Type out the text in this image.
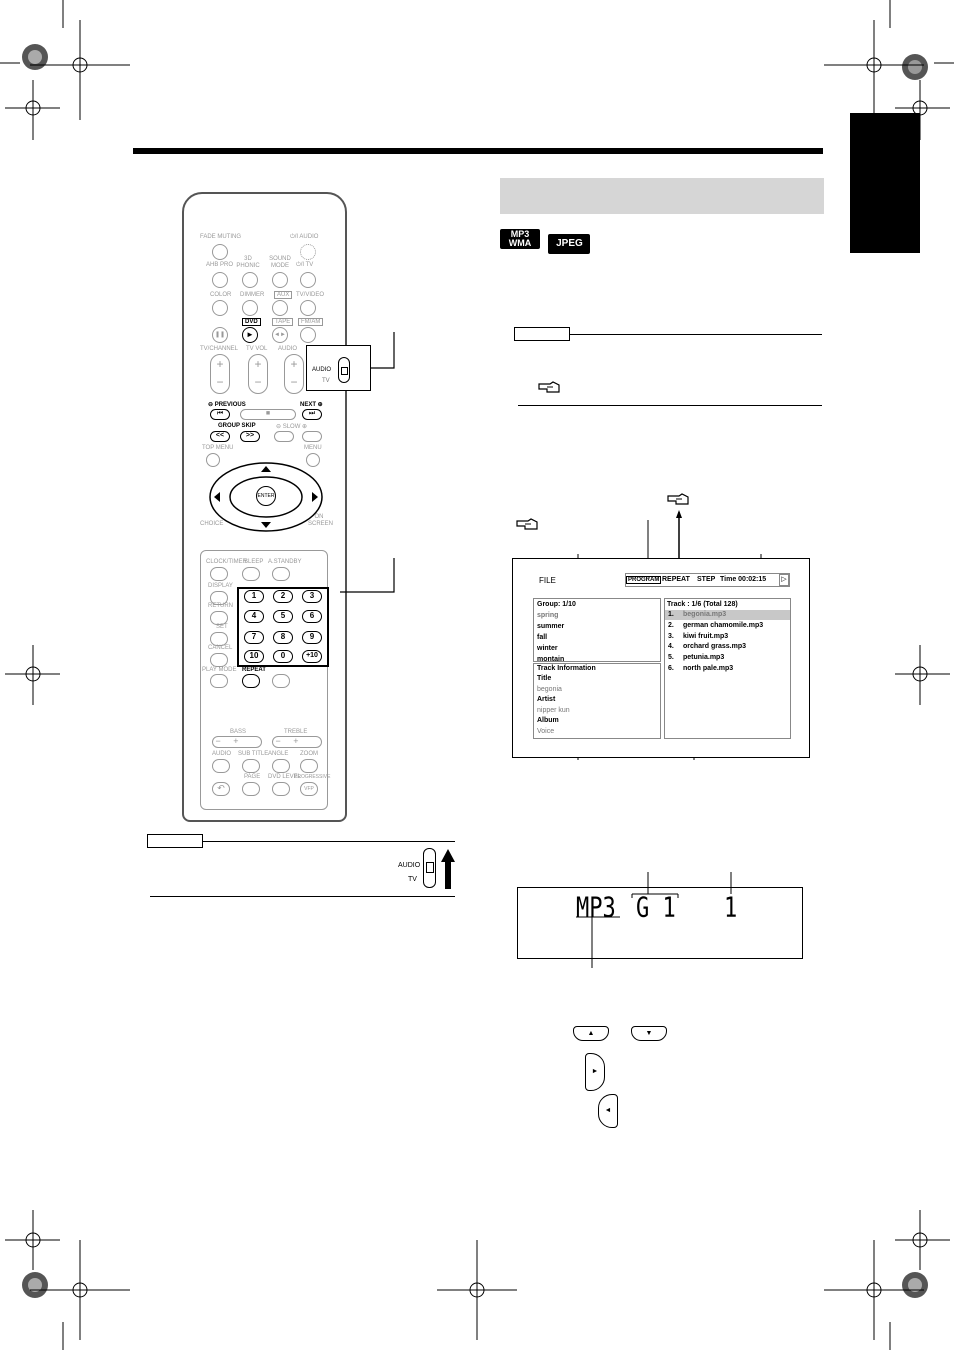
MP3
WMA JPEG
FADE MUTING	⏻/I AUDIO
AHB PRO
3D PHONIC
SOUND MODE	⏻/I TV
COLOR DIMMER	AUX	TV/VIDEO
DVD	TAPE	FM/AM
❚❚	►	◄►
TV/CHANNEL TV VOL AUDIO
+
−
+
−
+
−
⊖ PREVIOUS	NEXT ⊕
⏮	■	⏭
GROUP SKIP	⊖ SLOW ⊕
<<	>>
TOP MENU	MENU
ENTER
CHOICE
ON SCREEN
CLOCK/TIMER
SLEEP A.STANDBY
DISPLAY
RETURN
SET
CANCEL
PLAY MODE REPEAT
1	2	3
4	5	6
7	8	9
10	0	+10
BASS	TREBLE
−     +	−     +
AUDIO SUB TITLE ANGLE ZOOM
PAGE DVD LEVEL
PROGRESSIVE
↶	VFP
AUDIO
TV
AUDIO
TV
FILE	PROGRAM REPEAT STEP Time 00:02:15	▷
Group: 1/10
spring
summer
fall
winter
montain
Track Information
Title
begonia
Artist
nipper kun
Album
Voice
Track : 1/6 (Total 128)
1. begonia.mp3
2. german chamomile.mp3
3. kiwi fruit.mp3
4. orchard grass.mp3
5. petunia.mp3
6. north pale.mp3
MP3 G 1 1
▲	▼
►
◄
